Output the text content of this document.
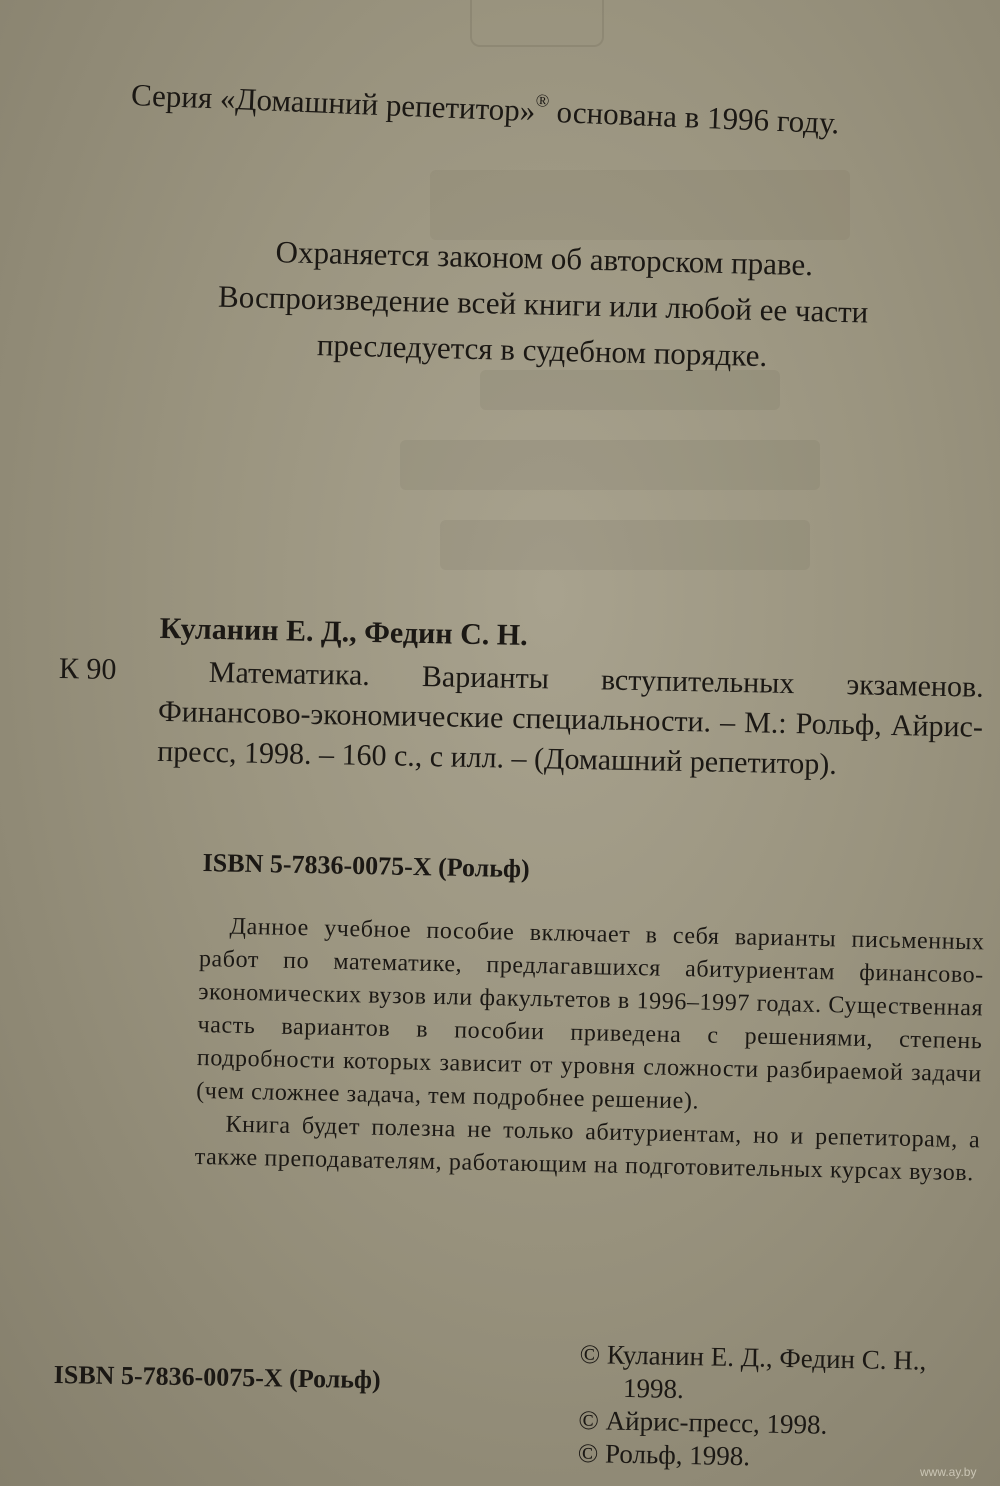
Серия «Домашний репетитор»® основана в 1996 году.
Охраняется законом об авторском праве.
Воспроизведение всей книги или любой ее части
преследуется в судебном порядке.
Куланин Е. Д., Федин С. Н.
К 90	Математика. Варианты вступительных экзаменов. Финансово-экономические специальности. – М.: Рольф, Айрис-пресс, 1998. – 160 с., с илл. – (Домашний репетитор).
ISBN 5-7836-0075-X (Рольф)

Данное учебное пособие включает в себя варианты письменных работ по математике, предлагавшихся абитуриентам финансово-экономических вузов или факультетов в 1996–1997 годах. Существенная часть вариантов в пособии приведена с решениями, степень подробности которых зависит от уровня сложности разбираемой задачи (чем сложнее задача, тем подробнее решение).

Книга будет полезна не только абитуриентам, но и репетиторам, а также преподавателям, работающим на подготовительных курсах вузов.

ISBN 5-7836-0075-X (Рольф)
© Куланин Е. Д., Федин С. Н.,
1998.
© Айрис-пресс, 1998.
© Рольф, 1998.
www.ay.by
